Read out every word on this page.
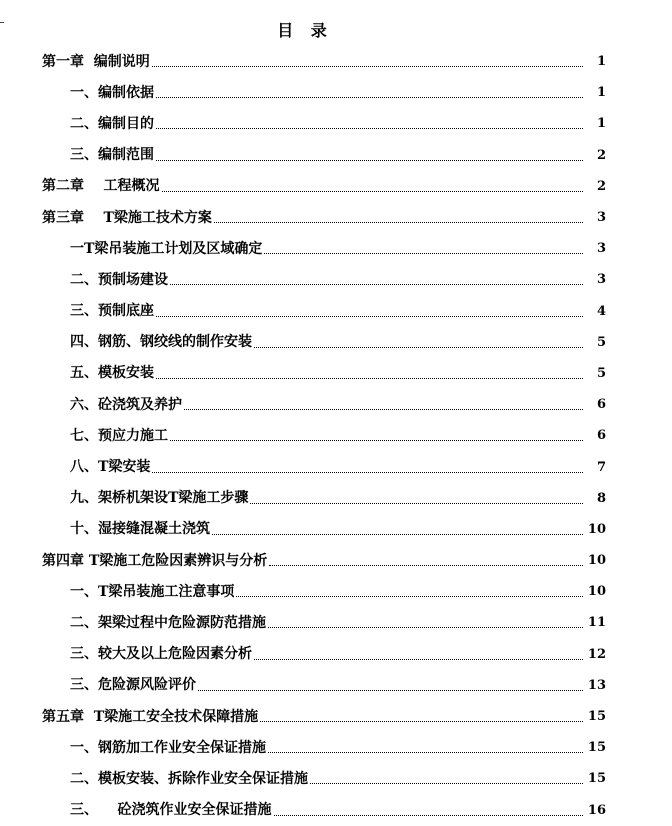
目 录
第一章  编制说明	1
一、编制依据	1
二、编制目的	1
三、编制范围	2
第二章    工程概况	2
第三章    T梁施工技术方案	3
一T梁吊装施工计划及区域确定	3
二、预制场建设	3
三、预制底座	4
四、钢筋、钢绞线的制作安装	5
五、模板安装	5
六、砼浇筑及养护	6
七、预应力施工	6
八、T梁安装	7
九、架桥机架设T梁施工步骤	8
十、湿接缝混凝土浇筑	10
第四章 T梁施工危险因素辨识与分析	10
一、T梁吊装施工注意事项	10
二、架梁过程中危险源防范措施	11
三、较大及以上危险因素分析	12
三、危险源风险评价	13
第五章  T梁施工安全技术保障措施	15
一、钢筋加工作业安全保证措施	15
二、模板安装、拆除作业安全保证措施	15
三、    砼浇筑作业安全保证措施	16
